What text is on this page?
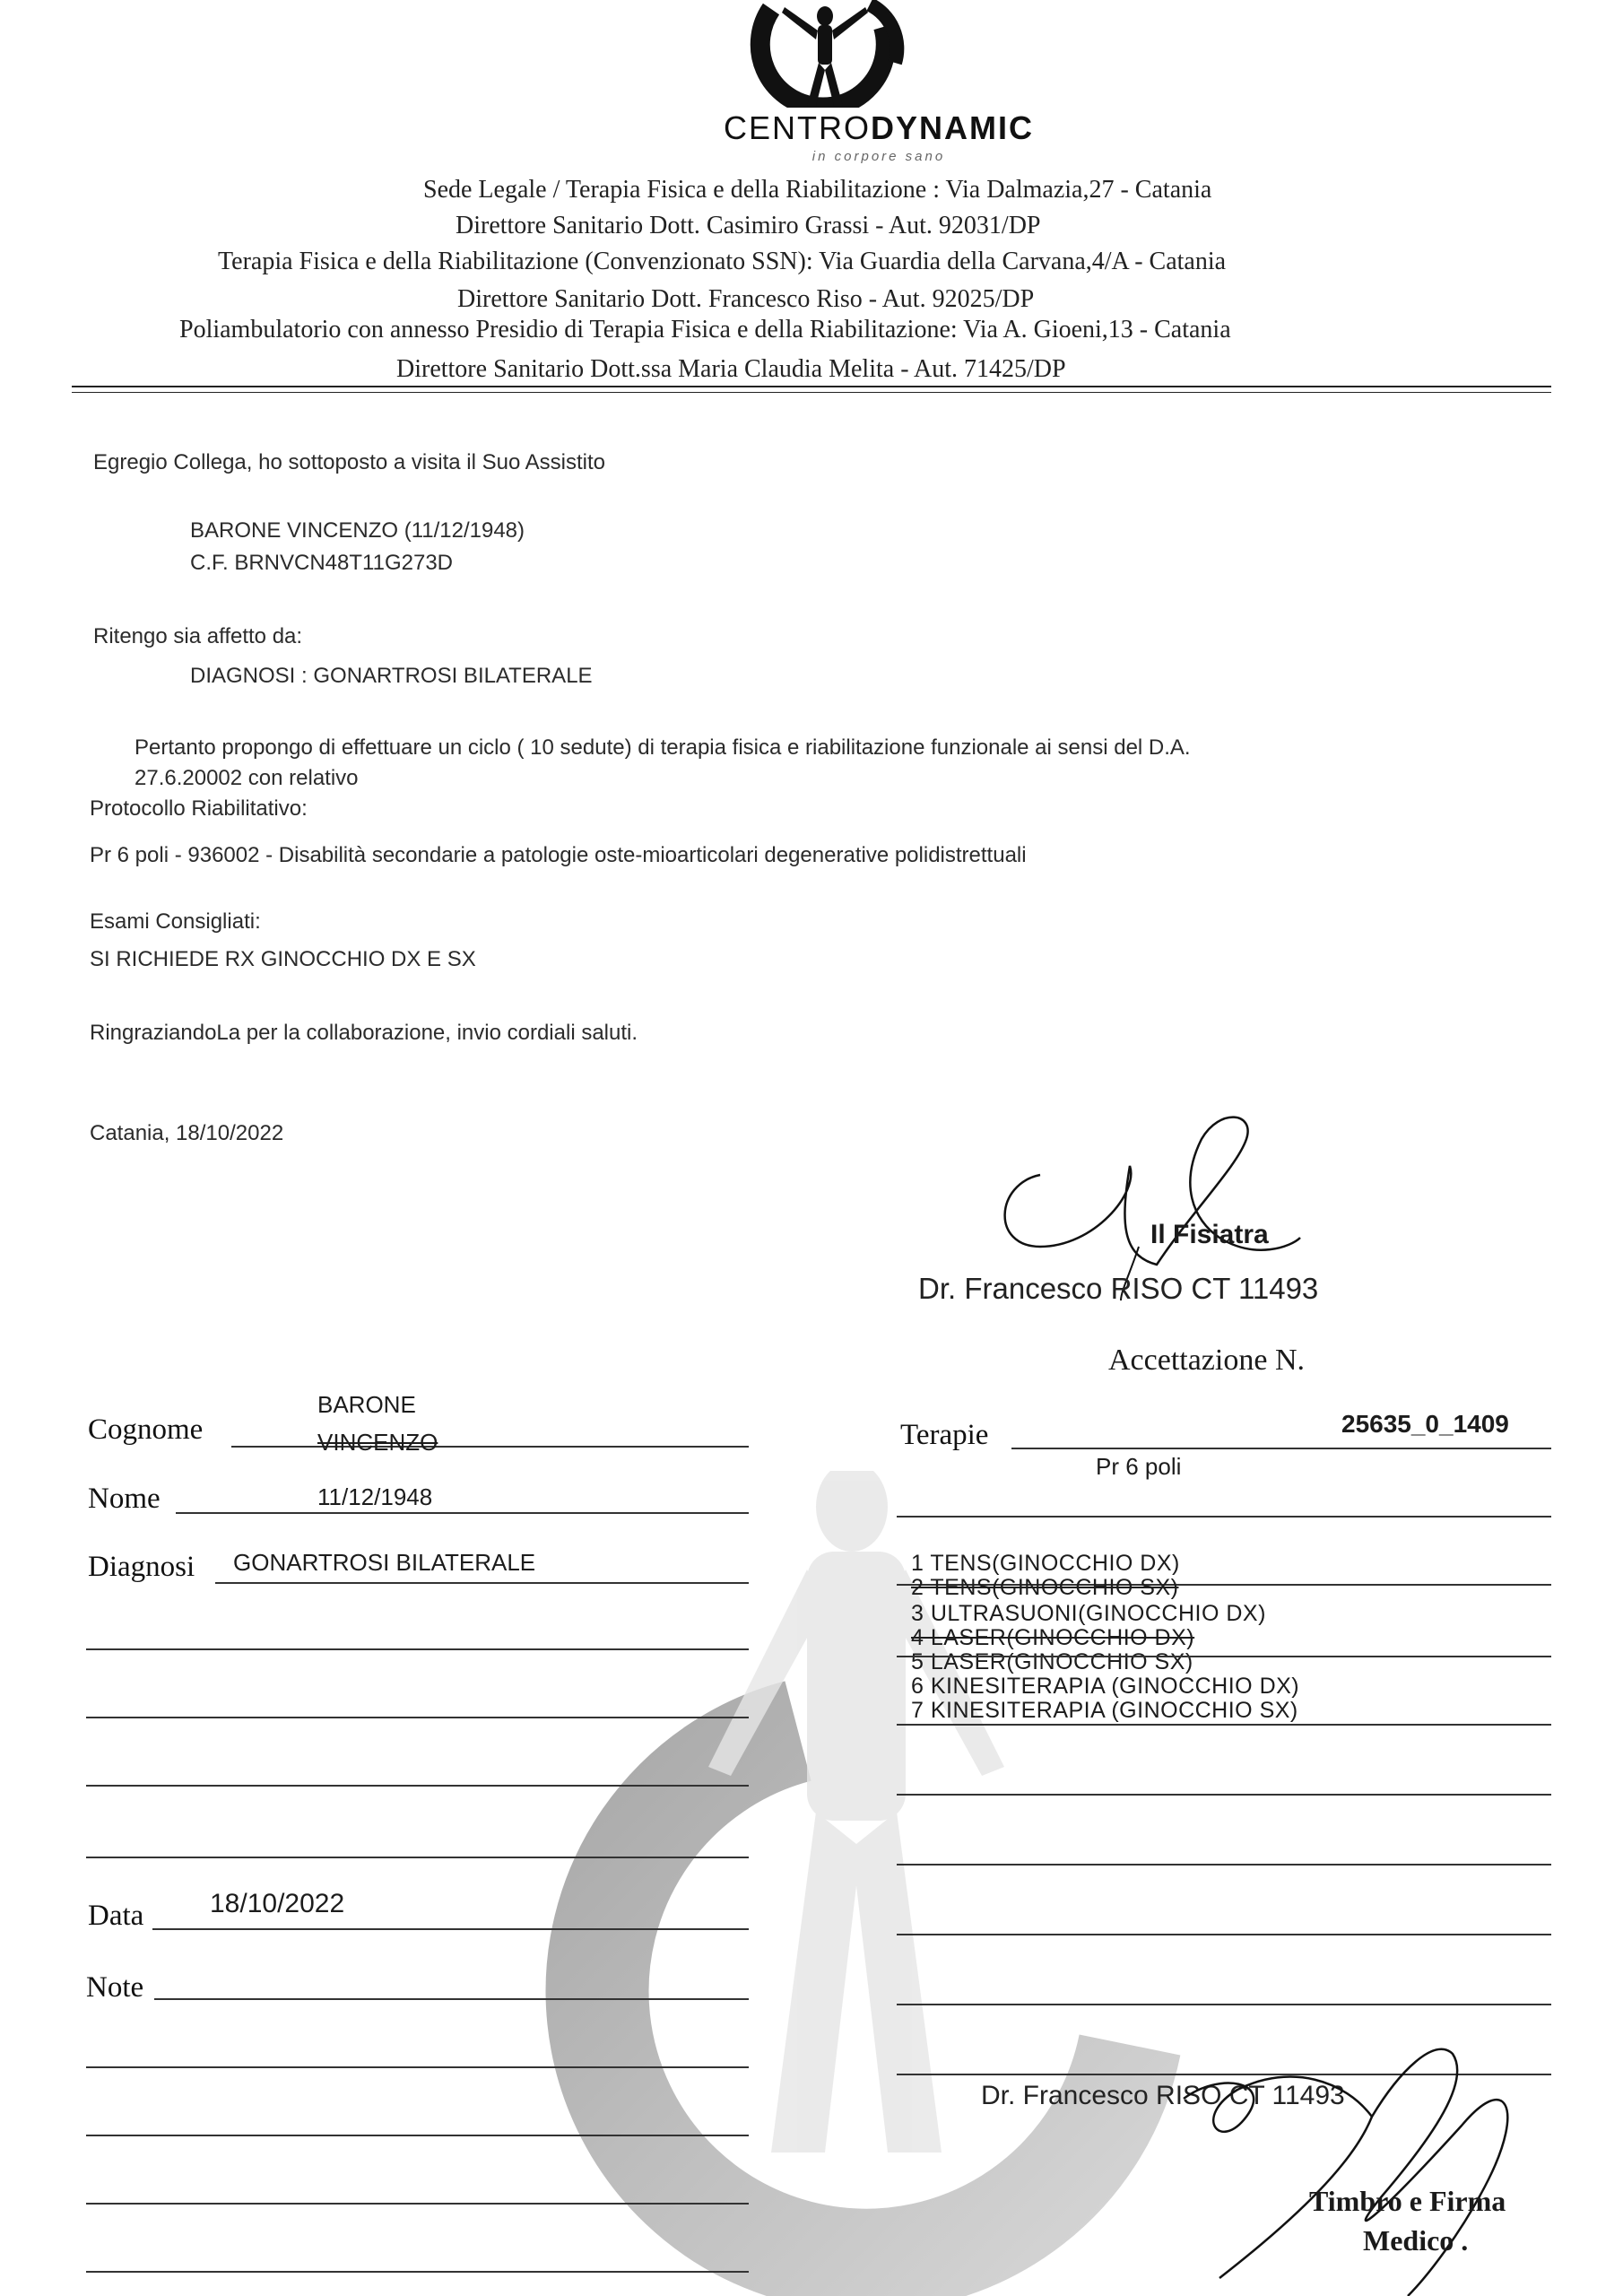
CENTRODYNAMIC
in corpore sano
Sede Legale / Terapia Fisica e della Riabilitazione : Via Dalmazia,27 - Catania
Direttore Sanitario Dott. Casimiro Grassi - Aut. 92031/DP
Terapia Fisica e della Riabilitazione (Convenzionato SSN): Via Guardia della Carvana,4/A - Catania
Direttore Sanitario Dott. Francesco Riso - Aut. 92025/DP
Poliambulatorio con annesso Presidio di Terapia Fisica e della Riabilitazione: Via A. Gioeni,13 - Catania
Direttore Sanitario Dott.ssa Maria Claudia Melita - Aut. 71425/DP
Egregio Collega, ho sottoposto a visita il Suo Assistito
BARONE VINCENZO (11/12/1948)
C.F. BRNVCN48T11G273D
Ritengo sia affetto da:
DIAGNOSI : GONARTROSI BILATERALE
Pertanto propongo di effettuare un ciclo ( 10 sedute) di terapia fisica e riabilitazione funzionale ai sensi del D.A.
27.6.20002 con relativo
Protocollo Riabilitativo:
Pr 6 poli - 936002 - Disabilità secondarie a patologie oste-mioarticolari degenerative polidistrettuali
Esami Consigliati:
SI RICHIEDE RX GINOCCHIO DX E SX
RingraziandoLa per la collaborazione, invio cordiali saluti.
Catania, 18/10/2022
Il Fisiatra
Dr. Francesco RISO CT 11493
Accettazione N.
Cognome
BARONE
VINCENZO
Nome	11/12/1948
Diagnosi GONARTROSI BILATERALE
Data 18/10/2022
Note
Terapie	25635_0_1409
Pr 6 poli
1 TENS(GINOCCHIO DX)
2 TENS(GINOCCHIO SX)
3 ULTRASUONI(GINOCCHIO DX)
4 LASER(GINOCCHIO DX)
5 LASER(GINOCCHIO SX)
6 KINESITERAPIA (GINOCCHIO DX)
7 KINESITERAPIA (GINOCCHIO SX)
Dr. Francesco RISO CT 11493
Timbro e Firma
Medico .
